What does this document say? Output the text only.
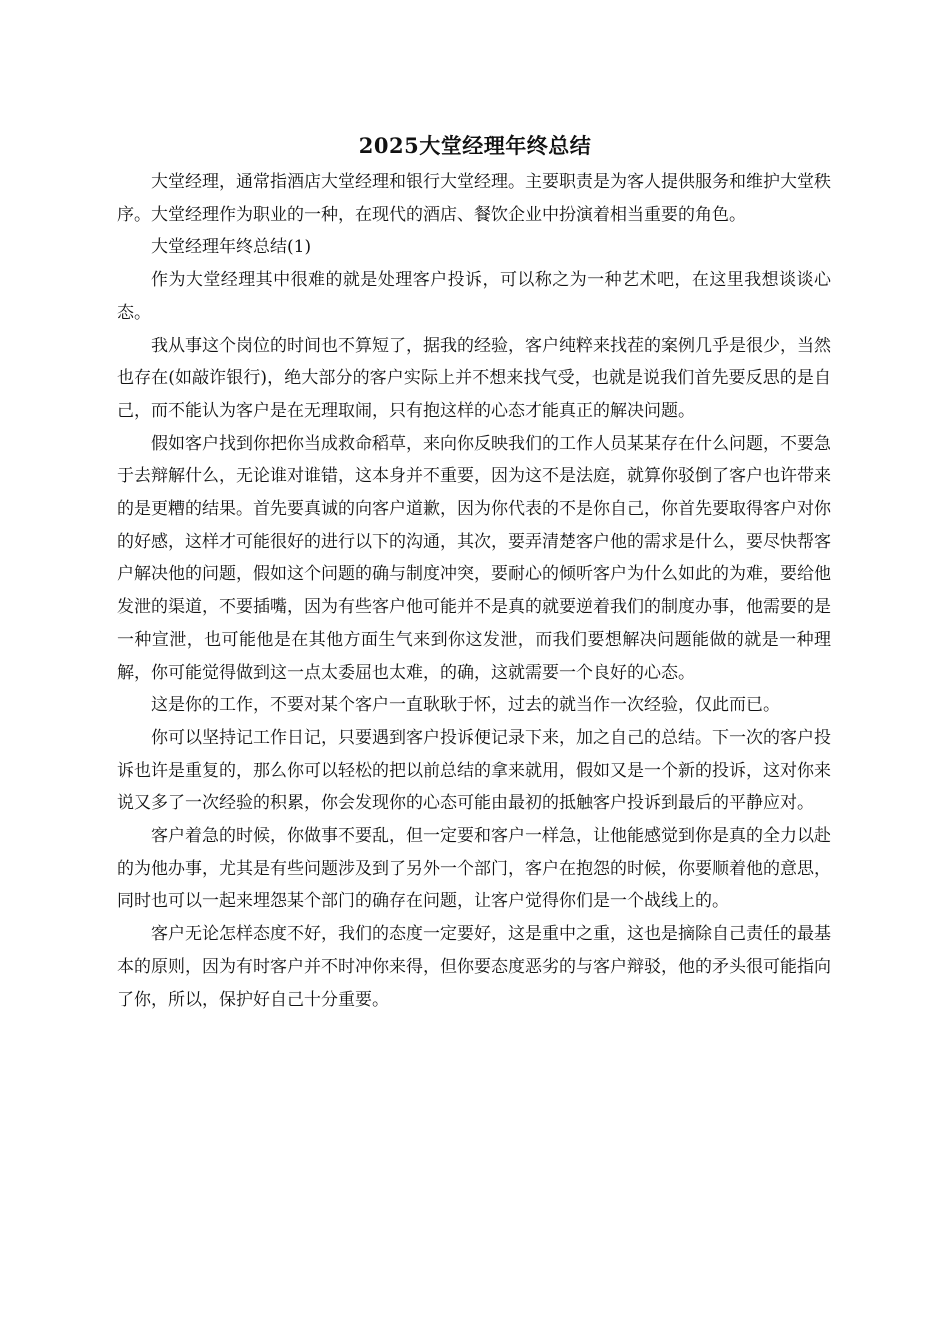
2025大堂经理年终总结

大堂经理，通常指酒店大堂经理和银行大堂经理。主要职责是为客人提供服务和维护大堂秩序。大堂经理作为职业的一种，在现代的酒店、餐饮企业中扮演着相当重要的角色。

大堂经理年终总结(1)

作为大堂经理其中很难的就是处理客户投诉，可以称之为一种艺术吧，在这里我想谈谈心态。

我从事这个岗位的时间也不算短了，据我的经验，客户纯粹来找茬的案例几乎是很少，当然也存在(如敲诈银行)，绝大部分的客户实际上并不想来找气受，也就是说我们首先要反思的是自己，而不能认为客户是在无理取闹，只有抱这样的心态才能真正的解决问题。

假如客户找到你把你当成救命稻草，来向你反映我们的工作人员某某存在什么问题，不要急于去辩解什么，无论谁对谁错，这本身并不重要，因为这不是法庭，就算你驳倒了客户也许带来的是更糟的结果。首先要真诚的向客户道歉，因为你代表的不是你自己，你首先要取得客户对你的好感，这样才可能很好的进行以下的沟通，其次，要弄清楚客户他的需求是什么，要尽快帮客户解决他的问题，假如这个问题的确与制度冲突，要耐心的倾听客户为什么如此的为难，要给他发泄的渠道，不要插嘴，因为有些客户他可能并不是真的就要逆着我们的制度办事，他需要的是一种宣泄，也可能他是在其他方面生气来到你这发泄，而我们要想解决问题能做的就是一种理解，你可能觉得做到这一点太委屈也太难，的确，这就需要一个良好的心态。

这是你的工作，不要对某个客户一直耿耿于怀，过去的就当作一次经验，仅此而已。

你可以坚持记工作日记，只要遇到客户投诉便记录下来，加之自己的总结。下一次的客户投诉也许是重复的，那么你可以轻松的把以前总结的拿来就用，假如又是一个新的投诉，这对你来说又多了一次经验的积累，你会发现你的心态可能由最初的抵触客户投诉到最后的平静应对。

客户着急的时候，你做事不要乱，但一定要和客户一样急，让他能感觉到你是真的全力以赴的为他办事，尤其是有些问题涉及到了另外一个部门，客户在抱怨的时候，你要顺着他的意思，同时也可以一起来埋怨某个部门的确存在问题，让客户觉得你们是一个战线上的。

客户无论怎样态度不好，我们的态度一定要好，这是重中之重，这也是摘除自己责任的最基本的原则，因为有时客户并不时冲你来得，但你要态度恶劣的与客户辩驳，他的矛头很可能指向了你，所以，保护好自己十分重要。
